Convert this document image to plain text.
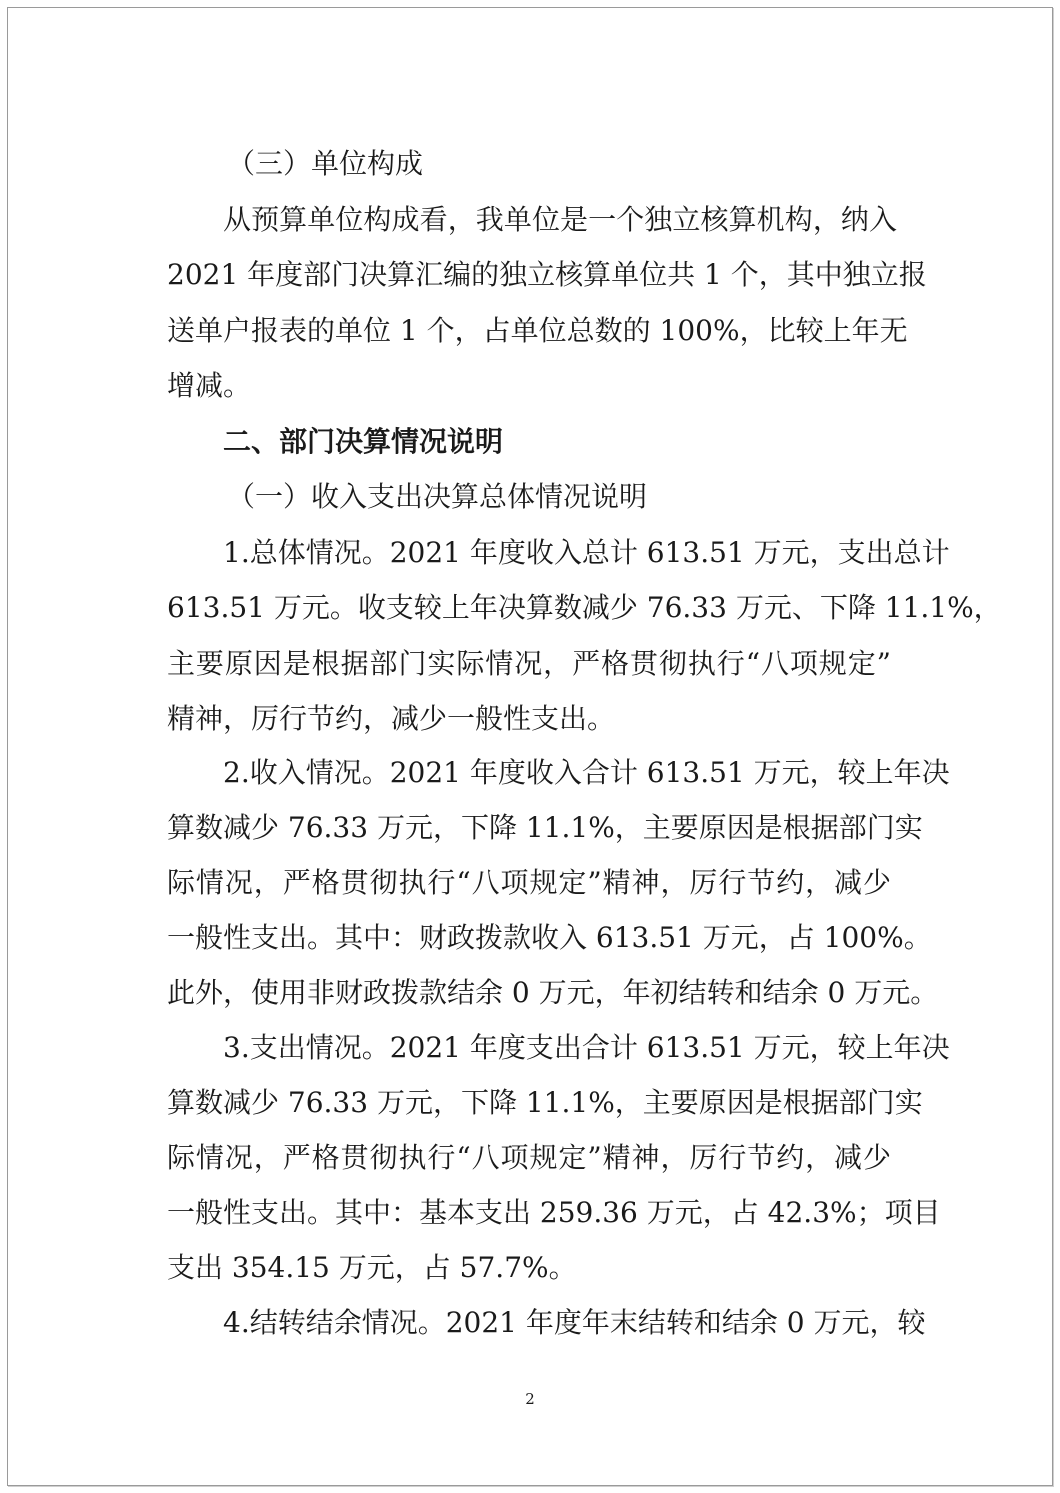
（三）单位构成
从预算单位构成看，我单位是一个独立核算机构，纳入
2021 年度部门决算汇编的独立核算单位共 1 个，其中独立报
送单户报表的单位 1 个，占单位总数的 100%，比较上年无
增减。
二、部门决算情况说明
（一）收入支出决算总体情况说明
1.总体情况。2021 年度收入总计 613.51 万元，支出总计
613.51 万元。收支较上年决算数减少 76.33 万元、下降 11.1%，
主要原因是根据部门实际情况，严格贯彻执行“八项规定”
精神，厉行节约，减少一般性支出。
2.收入情况。2021 年度收入合计 613.51 万元，较上年决
算数减少 76.33 万元，下降 11.1%，主要原因是根据部门实
际情况，严格贯彻执行“八项规定”精神，厉行节约，减少
一般性支出。其中：财政拨款收入 613.51 万元，占 100%。
此外，使用非财政拨款结余 0 万元，年初结转和结余 0 万元。
3.支出情况。2021 年度支出合计 613.51 万元，较上年决
算数减少 76.33 万元，下降 11.1%，主要原因是根据部门实
际情况，严格贯彻执行“八项规定”精神，厉行节约，减少
一般性支出。其中：基本支出 259.36 万元，占 42.3%；项目
支出 354.15 万元，占 57.7%。
4.结转结余情况。2021 年度年末结转和结余 0 万元，较
2
